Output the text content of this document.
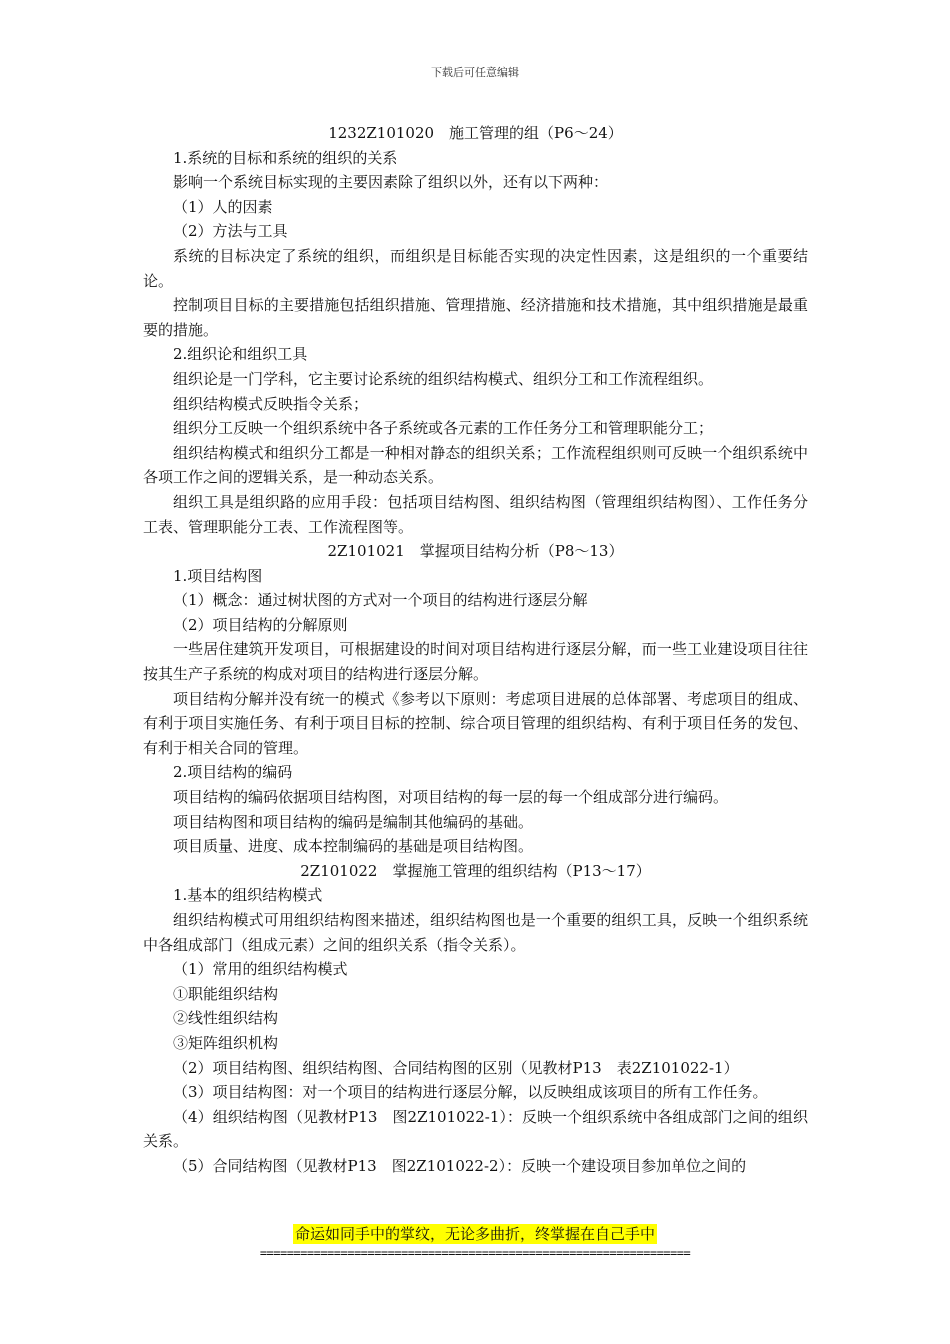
下载后可任意编辑

1232Z101020　施工管理的组（P6～24）

1.系统的目标和系统的组织的关系

影响一个系统目标实现的主要因素除了组织以外，还有以下两种：

（1）人的因素

（2）方法与工具

系统的目标决定了系统的组织，而组织是目标能否实现的决定性因素，这是组织的一个重要结论。

控制项目目标的主要措施包括组织措施、管理措施、经济措施和技术措施，其中组织措施是最重要的措施。

2.组织论和组织工具

组织论是一门学科，它主要讨论系统的组织结构模式、组织分工和工作流程组织。

组织结构模式反映指令关系；

组织分工反映一个组织系统中各子系统或各元素的工作任务分工和管理职能分工；

组织结构模式和组织分工都是一种相对静态的组织关系；工作流程组织则可反映一个组织系统中各项工作之间的逻辑关系，是一种动态关系。

组织工具是组织路的应用手段：包括项目结构图、组织结构图（管理组织结构图）、工作任务分工表、管理职能分工表、工作流程图等。

2Z101021　掌握项目结构分析（P8～13）

1.项目结构图

（1）概念：通过树状图的方式对一个项目的结构进行逐层分解

（2）项目结构的分解原则

一些居住建筑开发项目，可根据建设的时间对项目结构进行逐层分解，而一些工业建设项目往往按其生产子系统的构成对项目的结构进行逐层分解。

项目结构分解并没有统一的模式《参考以下原则：考虑项目进展的总体部署、考虑项目的组成、有利于项目实施任务、有利于项目目标的控制、综合项目管理的组织结构、有利于项目任务的发包、有利于相关合同的管理。

2.项目结构的编码

项目结构的编码依据项目结构图，对项目结构的每一层的每一个组成部分进行编码。

项目结构图和项目结构的编码是编制其他编码的基础。

项目质量、进度、成本控制编码的基础是项目结构图。

2Z101022　掌握施工管理的组织结构（P13～17）

1.基本的组织结构模式

组织结构模式可用组织结构图来描述，组织结构图也是一个重要的组织工具，反映一个组织系统中各组成部门（组成元素）之间的组织关系（指令关系）。

（1）常用的组织结构模式

①职能组织结构

②线性组织结构

③矩阵组织机构

（2）项目结构图、组织结构图、合同结构图的区别（见教材P13　表2Z101022-1）

（3）项目结构图：对一个项目的结构进行逐层分解，以反映组成该项目的所有工作任务。

（4）组织结构图（见教材P13　图2Z101022-1）：反映一个组织系统中各组成部门之间的组织关系。

（5）合同结构图（见教材P13　图2Z101022-2）：反映一个建设项目参加单位之间的

命运如同手中的掌纹，无论多曲折，终掌握在自己手中
================================================================
